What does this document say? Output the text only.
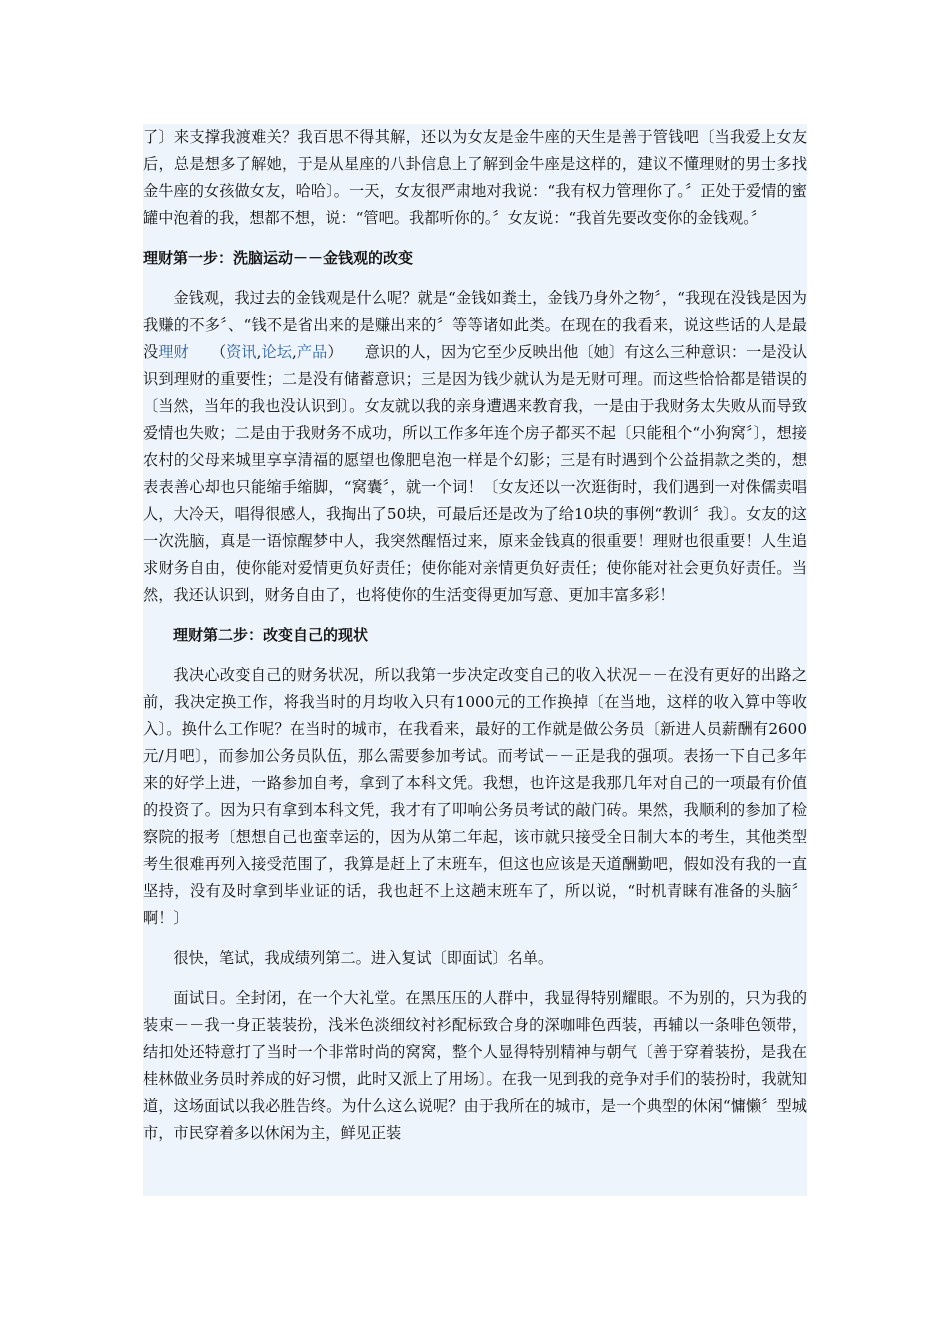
了〕来支撑我渡难关？我百思不得其解，还以为女友是金牛座的天生是善于管钱吧〔当我爱上女友后，总是想多了解她，于是从星座的八卦信息上了解到金牛座是这样的，建议不懂理财的男士多找金牛座的女孩做女友，哈哈〕。一天，女友很严肃地对我说：“我有权力管理你了。〞正处于爱情的蜜罐中泡着的我，想都不想，说：“管吧。我都听你的。〞女友说：“我首先要改变你的金钱观。〞

理财第一步：洗脑运动－－金钱观的改变

金钱观，我过去的金钱观是什么呢？就是“金钱如粪土，金钱乃身外之物〞，“我现在没钱是因为我赚的不多〞、“钱不是省出来的是赚出来的〞等等诸如此类。在现在的我看来，说这些话的人是最没理财 （资讯,论坛,产品） 意识的人，因为它至少反映出他〔她〕有这么三种意识：一是没认识到理财的重要性；二是没有储蓄意识；三是因为钱少就认为是无财可理。而这些恰恰都是错误的〔当然，当年的我也没认识到〕。女友就以我的亲身遭遇来教育我，一是由于我财务太失败从而导致爱情也失败；二是由于我财务不成功，所以工作多年连个房子都买不起〔只能租个“小狗窝〞〕，想接农村的父母来城里享享清福的愿望也像肥皂泡一样是个幻影；三是有时遇到个公益捐款之类的，想表表善心却也只能缩手缩脚，“窝囊〞，就一个词！〔女友还以一次逛街时，我们遇到一对侏儒卖唱人，大冷天，唱得很感人，我掏出了50块，可最后还是改为了给10块的事例“教训〞我〕。女友的这一次洗脑，真是一语惊醒梦中人，我突然醒悟过来，原来金钱真的很重要！理财也很重要！人生追求财务自由，使你能对爱情更负好责任；使你能对亲情更负好责任；使你能对社会更负好责任。当然，我还认识到，财务自由了，也将使你的生活变得更加写意、更加丰富多彩！

理财第二步：改变自己的现状

我决心改变自己的财务状况，所以我第一步决定改变自己的收入状况－－在没有更好的出路之前，我决定换工作，将我当时的月均收入只有1000元的工作换掉〔在当地，这样的收入算中等收入〕。换什么工作呢？在当时的城市，在我看来，最好的工作就是做公务员〔新进人员薪酬有2600元/月吧〕，而参加公务员队伍，那么需要参加考试。而考试－－正是我的强项。表扬一下自己多年来的好学上进，一路参加自考，拿到了本科文凭。我想，也许这是我那几年对自己的一项最有价值的投资了。因为只有拿到本科文凭，我才有了叩响公务员考试的敲门砖。果然，我顺利的参加了检察院的报考〔想想自己也蛮幸运的，因为从第二年起，该市就只接受全日制大本的考生，其他类型考生很难再列入接受范围了，我算是赶上了末班车，但这也应该是天道酬勤吧，假如没有我的一直坚持，没有及时拿到毕业证的话，我也赶不上这趟末班车了，所以说，“时机青睐有准备的头脑〞啊！〕

很快，笔试，我成绩列第二。进入复试〔即面试〕名单。

面试日。全封闭，在一个大礼堂。在黑压压的人群中，我显得特别耀眼。不为别的，只为我的装束－－我一身正装装扮，浅米色淡细纹衬衫配标致合身的深咖啡色西装，再辅以一条啡色领带，结扣处还特意打了当时一个非常时尚的窝窝，整个人显得特别精神与朝气〔善于穿着装扮，是我在桂林做业务员时养成的好习惯，此时又派上了用场〕。在我一见到我的竞争对手们的装扮时，我就知道，这场面试以我必胜告终。为什么这么说呢？由于我所在的城市，是一个典型的休闲“慵懒〞型城市，市民穿着多以休闲为主，鲜见正装
